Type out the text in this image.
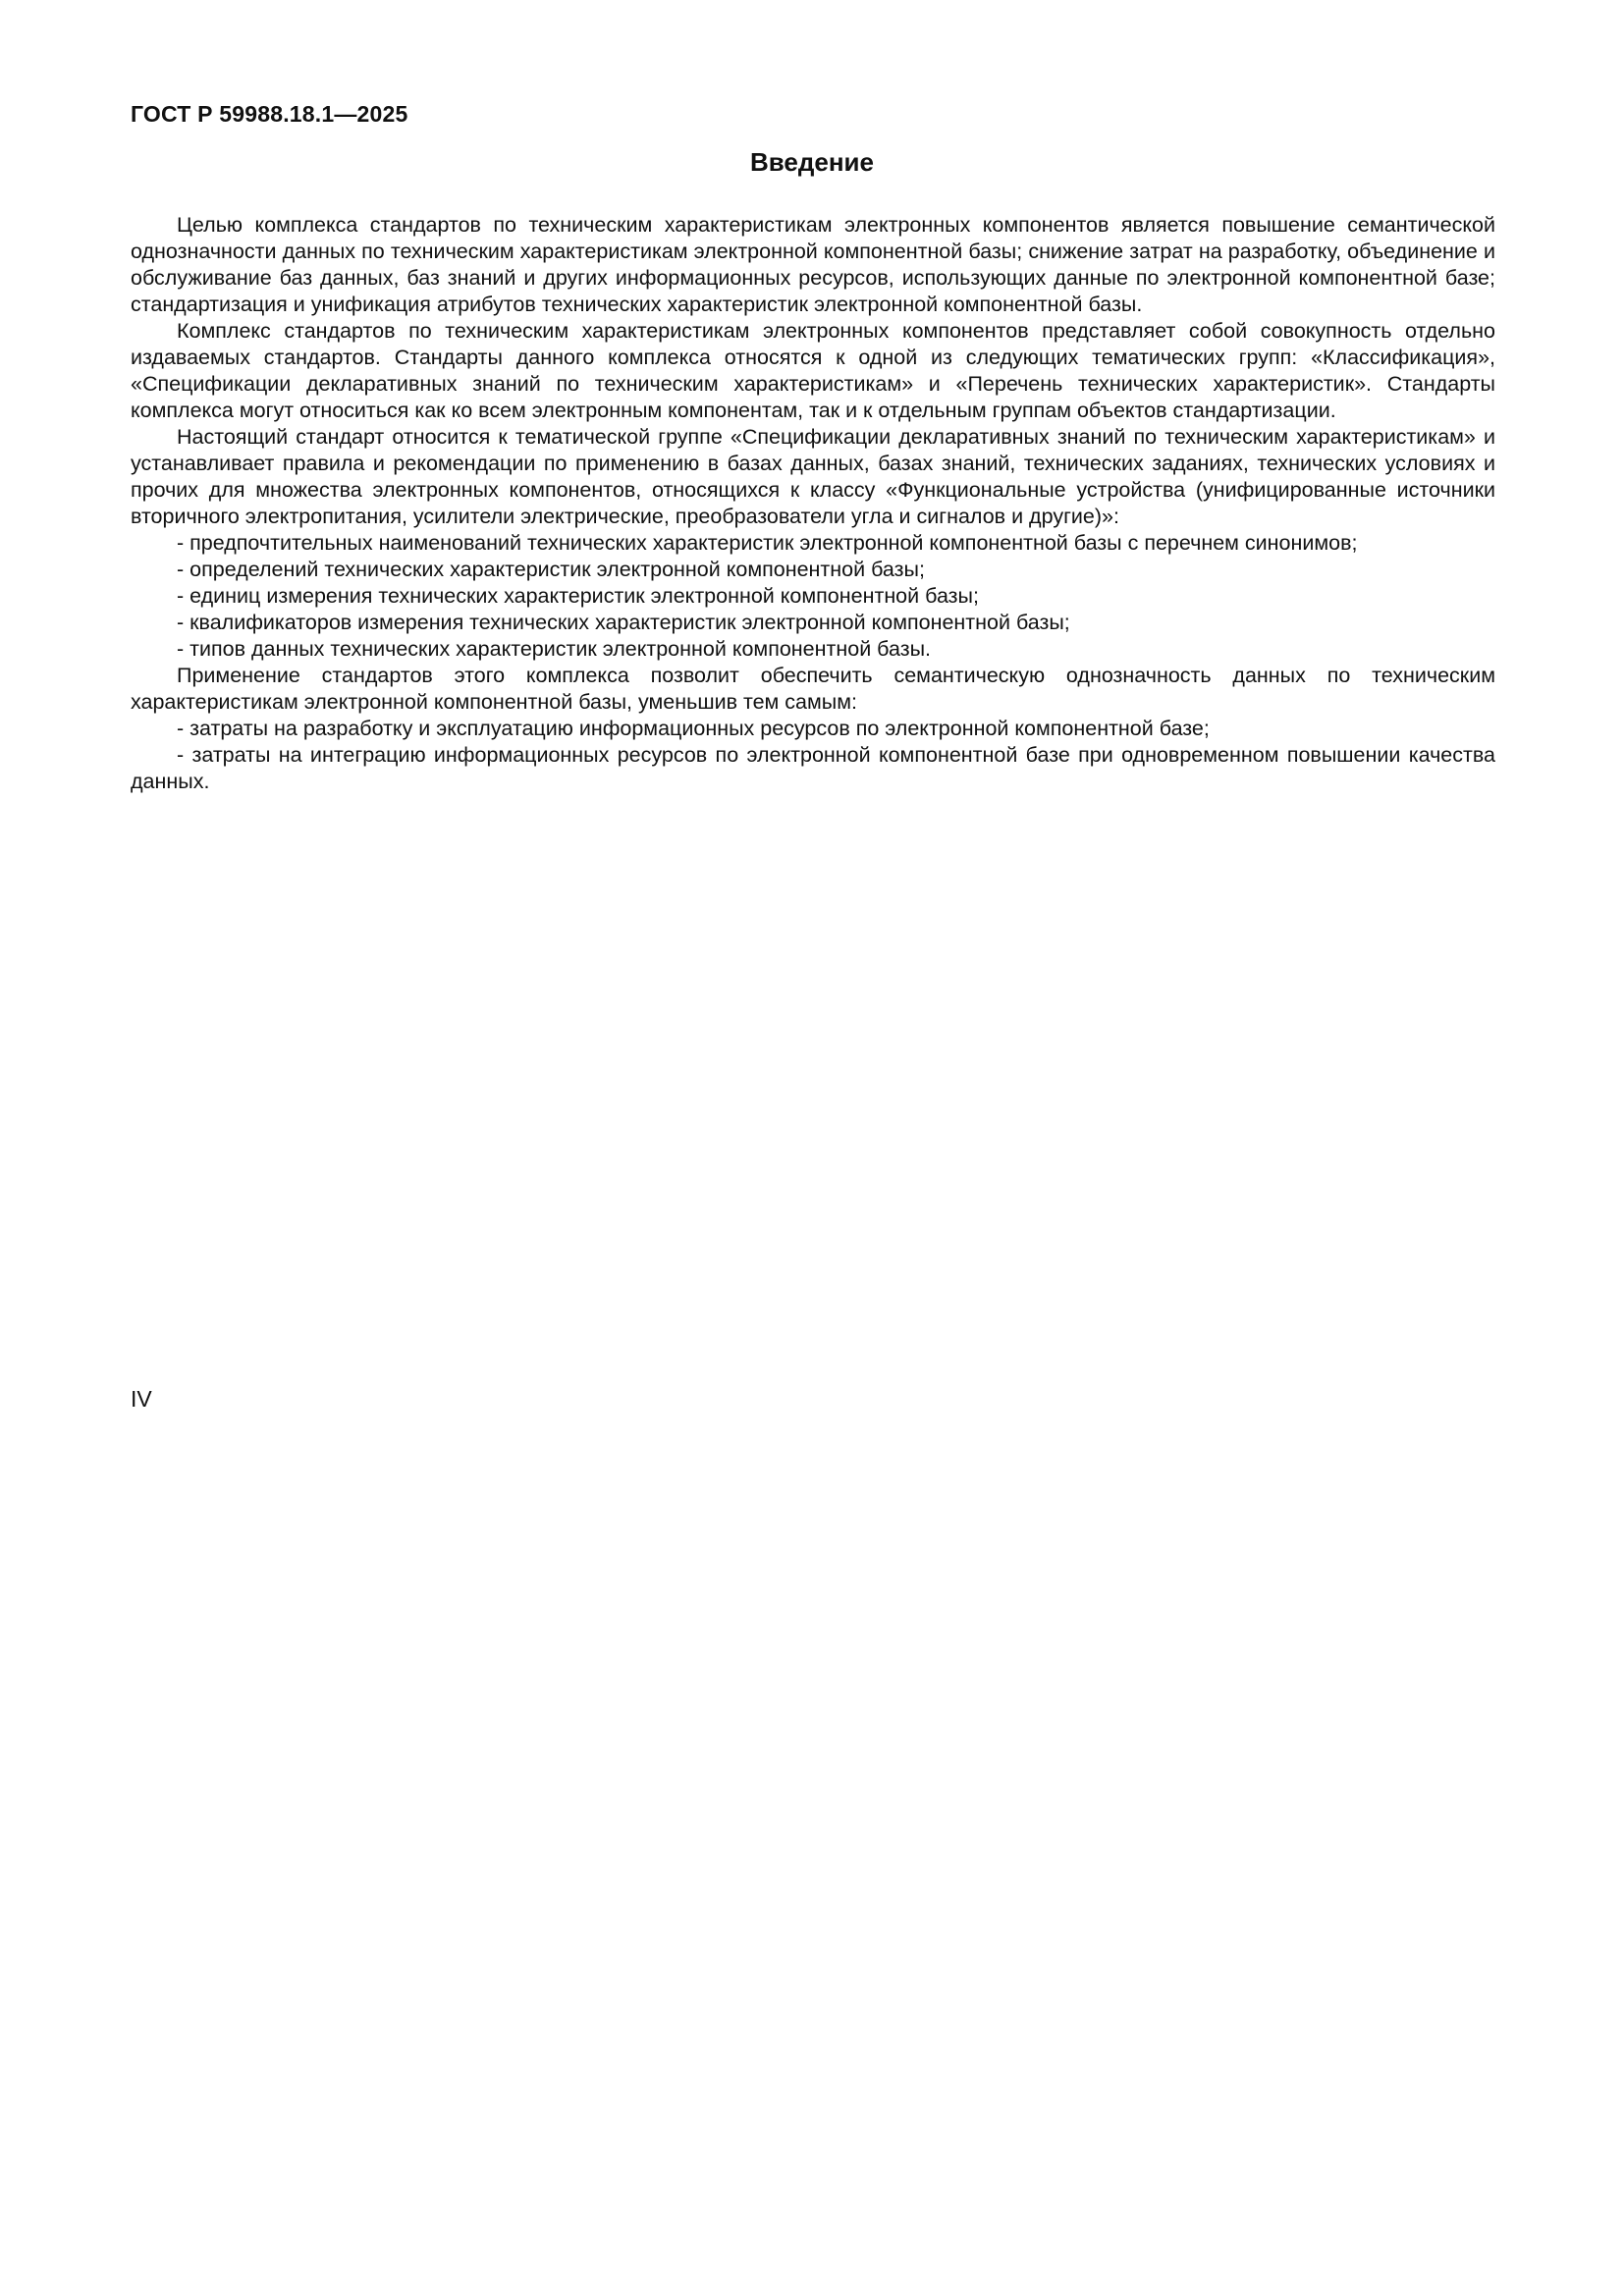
ГОСТ Р 59988.18.1—2025
Введение

Целью комплекса стандартов по техническим характеристикам электронных компонентов является повышение семантической однозначности данных по техническим характеристикам электронной компонентной базы; снижение затрат на разработку, объединение и обслуживание баз данных, баз знаний и других информационных ресурсов, использующих данные по электронной компонентной базе; стандартизация и унификация атрибутов технических характеристик электронной компонентной базы.

Комплекс стандартов по техническим характеристикам электронных компонентов представляет собой совокупность отдельно издаваемых стандартов. Стандарты данного комплекса относятся к одной из следующих тематических групп: «Классификация», «Спецификации декларативных знаний по техническим характеристикам» и «Перечень технических характеристик». Стандарты комплекса могут относиться как ко всем электронным компонентам, так и к отдельным группам объектов стандартизации.

Настоящий стандарт относится к тематической группе «Спецификации декларативных знаний по техническим характеристикам» и устанавливает правила и рекомендации по применению в базах данных, базах знаний, технических заданиях, технических условиях и прочих для множества электронных компонентов, относящихся к классу «Функциональные устройства (унифицированные источники вторичного электропитания, усилители электрические, преобразователи угла и сигналов и другие)»:

- предпочтительных наименований технических характеристик электронной компонентной базы с перечнем синонимов;

- определений технических характеристик электронной компонентной базы;

- единиц измерения технических характеристик электронной компонентной базы;

- квалификаторов измерения технических характеристик электронной компонентной базы;

- типов данных технических характеристик электронной компонентной базы.

Применение стандартов этого комплекса позволит обеспечить семантическую однозначность данных по техническим характеристикам электронной компонентной базы, уменьшив тем самым:

- затраты на разработку и эксплуатацию информационных ресурсов по электронной компонентной базе;

- затраты на интеграцию информационных ресурсов по электронной компонентной базе при одновременном повышении качества данных.

IV
